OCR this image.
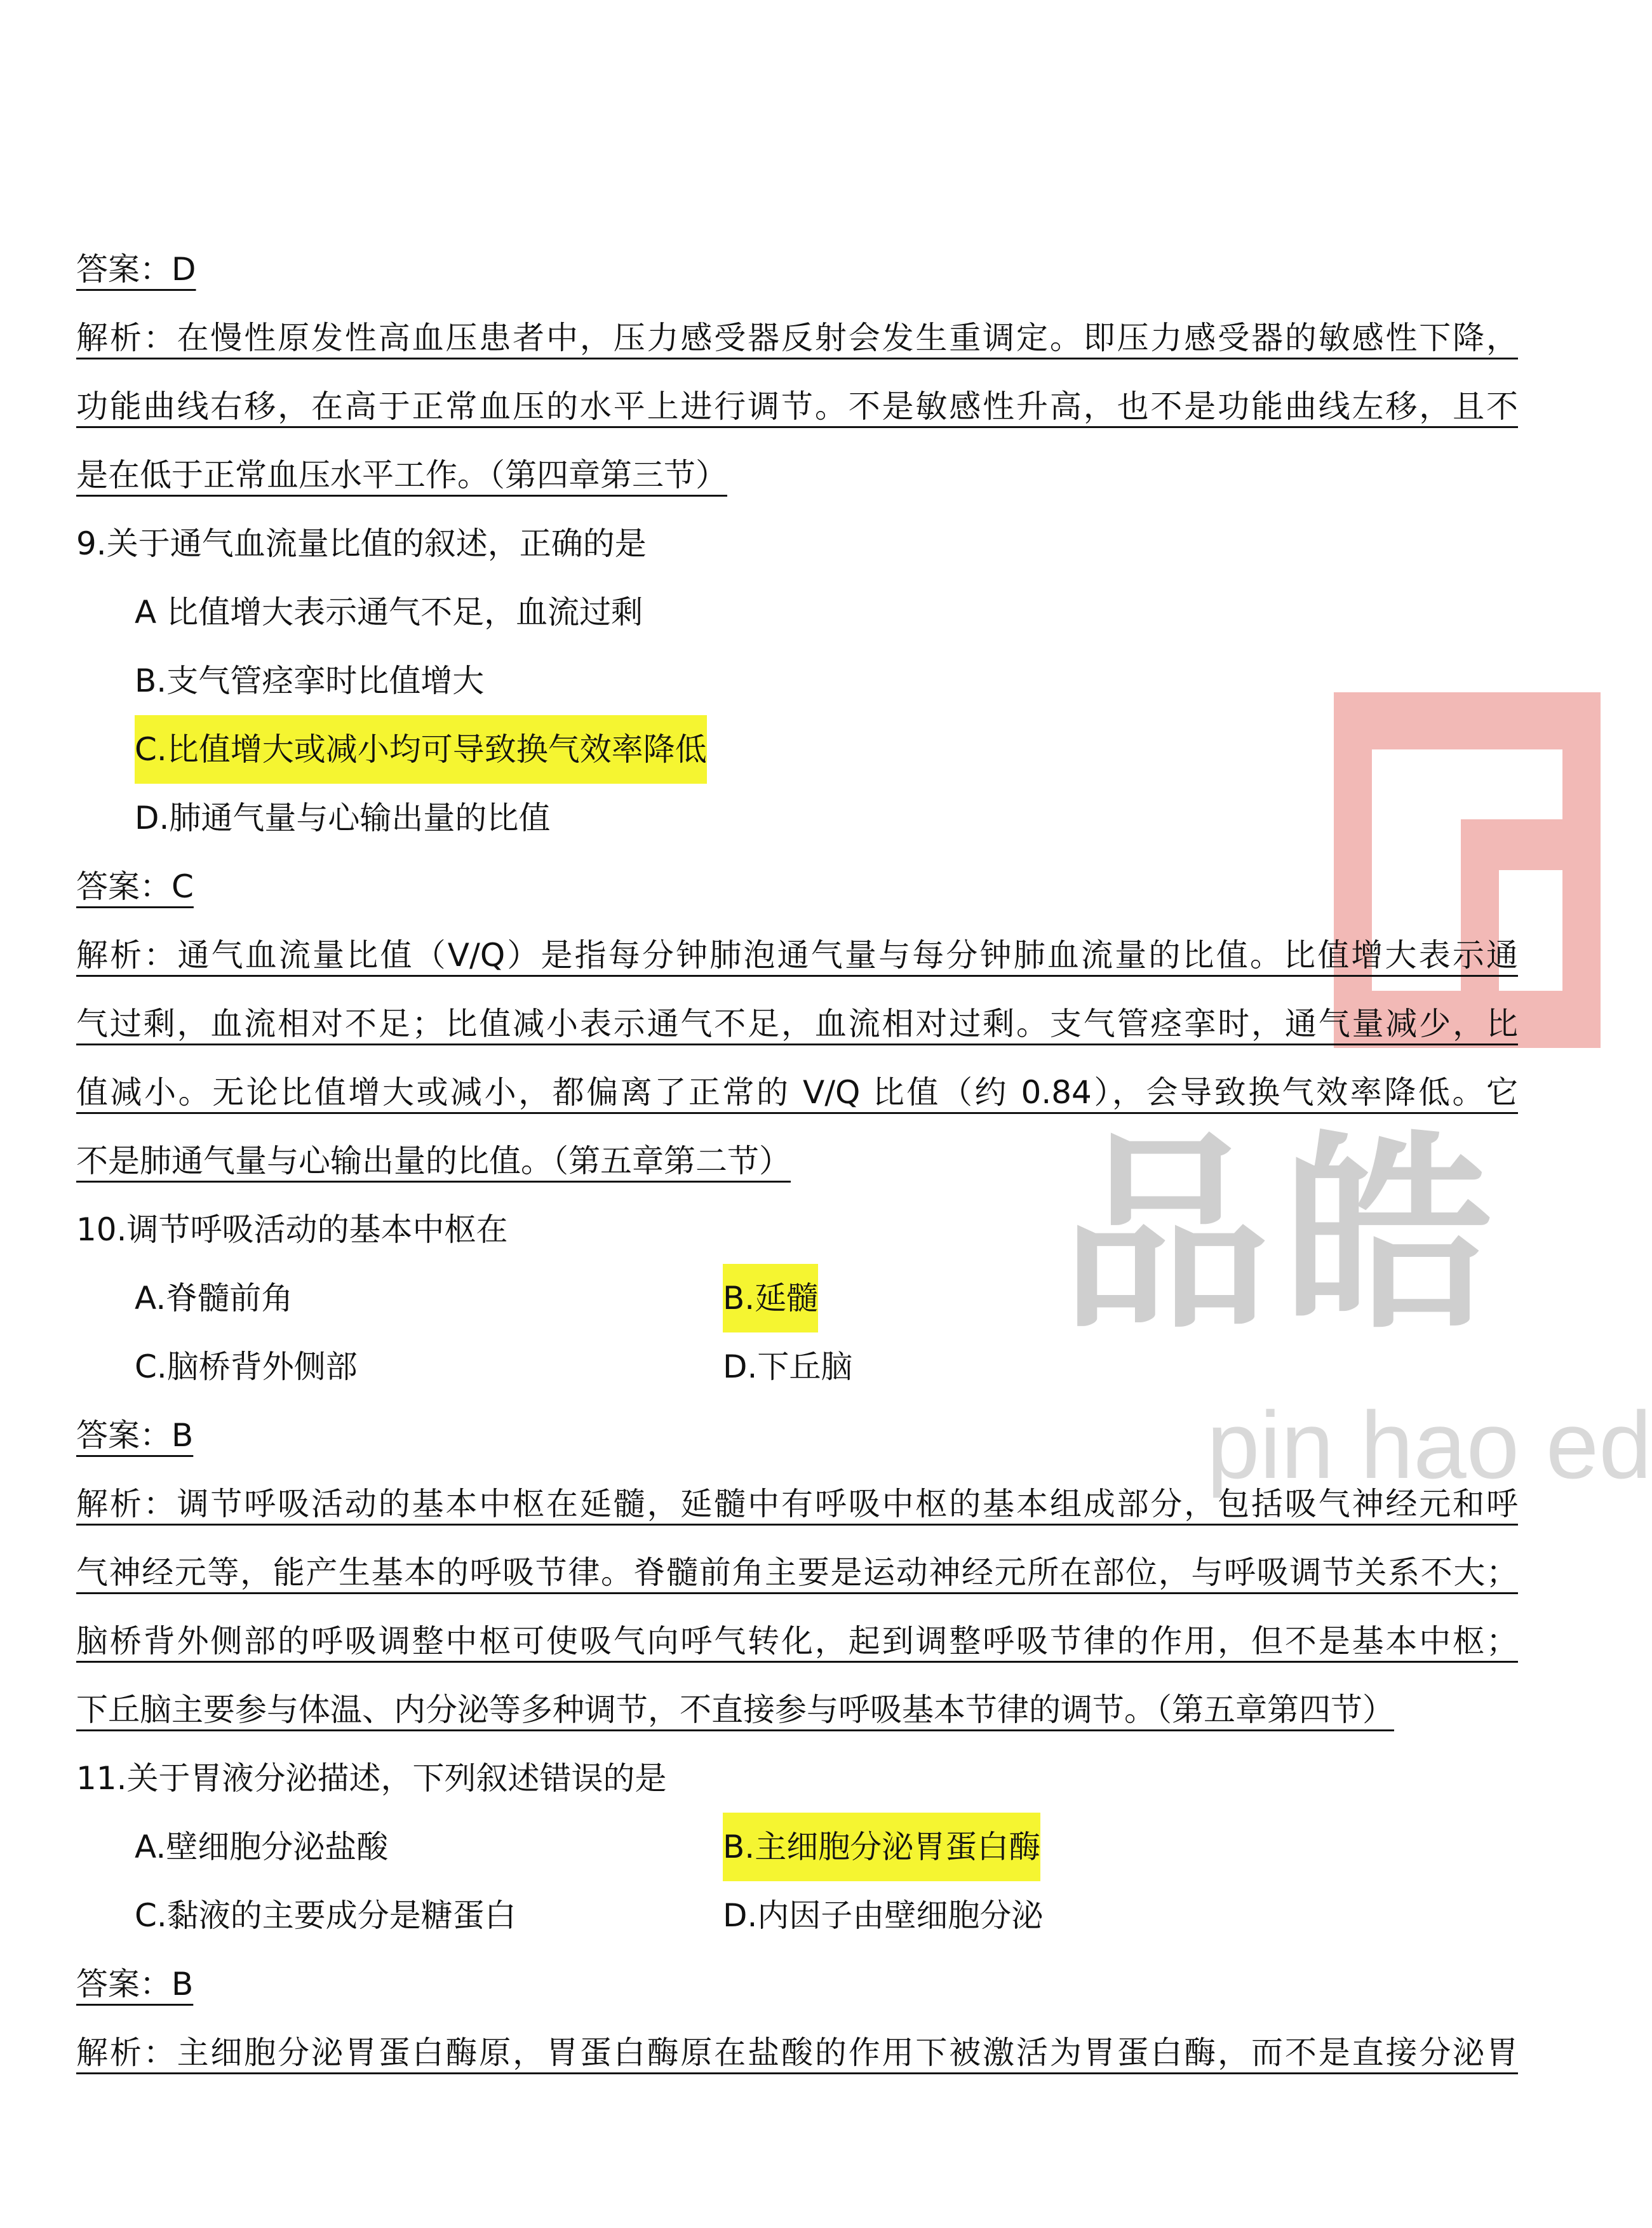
品皓
pin hao ed
答案：D
解析：在慢性原发性高血压患者中，压力感受器反射会发生重调定。即压力感受器的敏感性下降，
功能曲线右移，在高于正常血压的水平上进行调节。不是敏感性升高，也不是功能曲线左移，且不
是在低于正常血压水平工作。（第四章第三节）
9.关于通气血流量比值的叙述，正确的是
A 比值增大表示通气不足，血流过剩
B.支气管痉挛时比值增大
C.比值增大或减小均可导致换气效率降低
D.肺通气量与心输出量的比值
答案：C
解析：通气血流量比值（V/Q）是指每分钟肺泡通气量与每分钟肺血流量的比值。比值增大表示通
气过剩，血流相对不足；比值减小表示通气不足，血流相对过剩。支气管痉挛时，通气量减少，比
值减小。无论比值增大或减小，都偏离了正常的 V/Q 比值（约 0.84），会导致换气效率降低。它
不是肺通气量与心输出量的比值。（第五章第二节）
10.调节呼吸活动的基本中枢在
A.脊髓前角	B.延髓
C.脑桥背外侧部	D.下丘脑
答案：B
解析：调节呼吸活动的基本中枢在延髓，延髓中有呼吸中枢的基本组成部分，包括吸气神经元和呼
气神经元等，能产生基本的呼吸节律。脊髓前角主要是运动神经元所在部位，与呼吸调节关系不大；
脑桥背外侧部的呼吸调整中枢可使吸气向呼气转化，起到调整呼吸节律的作用，但不是基本中枢；
下丘脑主要参与体温、内分泌等多种调节，不直接参与呼吸基本节律的调节。（第五章第四节）
11.关于胃液分泌描述，下列叙述错误的是
A.壁细胞分泌盐酸	B.主细胞分泌胃蛋白酶
C.黏液的主要成分是糖蛋白	D.内因子由壁细胞分泌
答案：B
解析：主细胞分泌胃蛋白酶原，胃蛋白酶原在盐酸的作用下被激活为胃蛋白酶，而不是直接分泌胃
